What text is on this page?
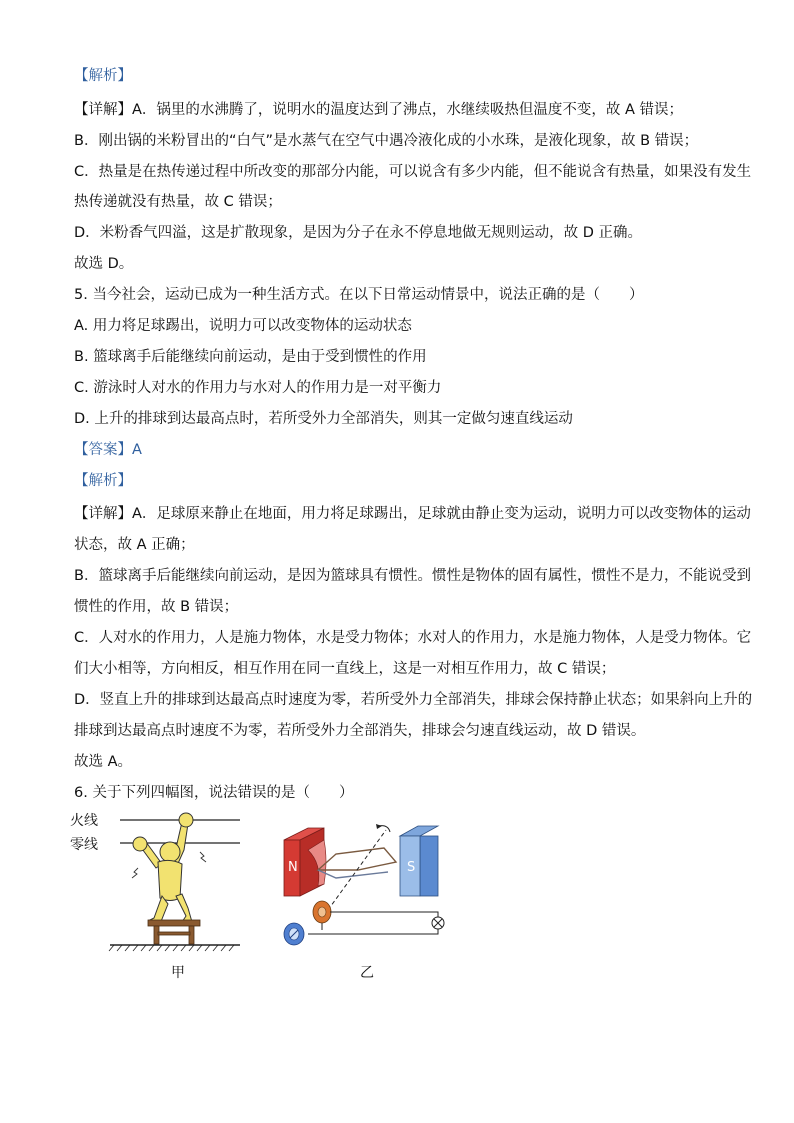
【解析】
【详解】A．锅里的水沸腾了，说明水的温度达到了沸点，水继续吸热但温度不变，故 A 错误；
B．刚出锅的米粉冒出的“白气”是水蒸气在空气中遇冷液化成的小水珠，是液化现象，故 B 错误；
C．热量是在热传递过程中所改变的那部分内能，可以说含有多少内能，但不能说含有热量，如果没有发生
热传递就没有热量，故 C 错误；
D．米粉香气四溢，这是扩散现象，是因为分子在永不停息地做无规则运动，故 D 正确。
故选 D。
5. 当今社会，运动已成为一种生活方式。在以下日常运动情景中，说法正确的是（　　）
A. 用力将足球踢出，说明力可以改变物体的运动状态
B. 篮球离手后能继续向前运动，是由于受到惯性的作用
C. 游泳时人对水的作用力与水对人的作用力是一对平衡力
D. 上升的排球到达最高点时，若所受外力全部消失，则其一定做匀速直线运动
【答案】A
【解析】
【详解】A．足球原来静止在地面，用力将足球踢出，足球就由静止变为运动，说明力可以改变物体的运动
状态，故 A 正确；
B．篮球离手后能继续向前运动，是因为篮球具有惯性。惯性是物体的固有属性，惯性不是力，不能说受到
惯性的作用，故 B 错误；
C．人对水的作用力，人是施力物体，水是受力物体；水对人的作用力，水是施力物体，人是受力物体。它
们大小相等，方向相反，相互作用在同一直线上，这是一对相互作用力，故 C 错误；
D．竖直上升的排球到达最高点时速度为零，若所受外力全部消失，排球会保持静止状态；如果斜向上升的
排球到达最高点时速度不为零，若所受外力全部消失，排球会匀速直线运动，故 D 错误。
故选 A。
6. 关于下列四幅图，说法错误的是（　　）
火线
零线
甲
N	S
乙
